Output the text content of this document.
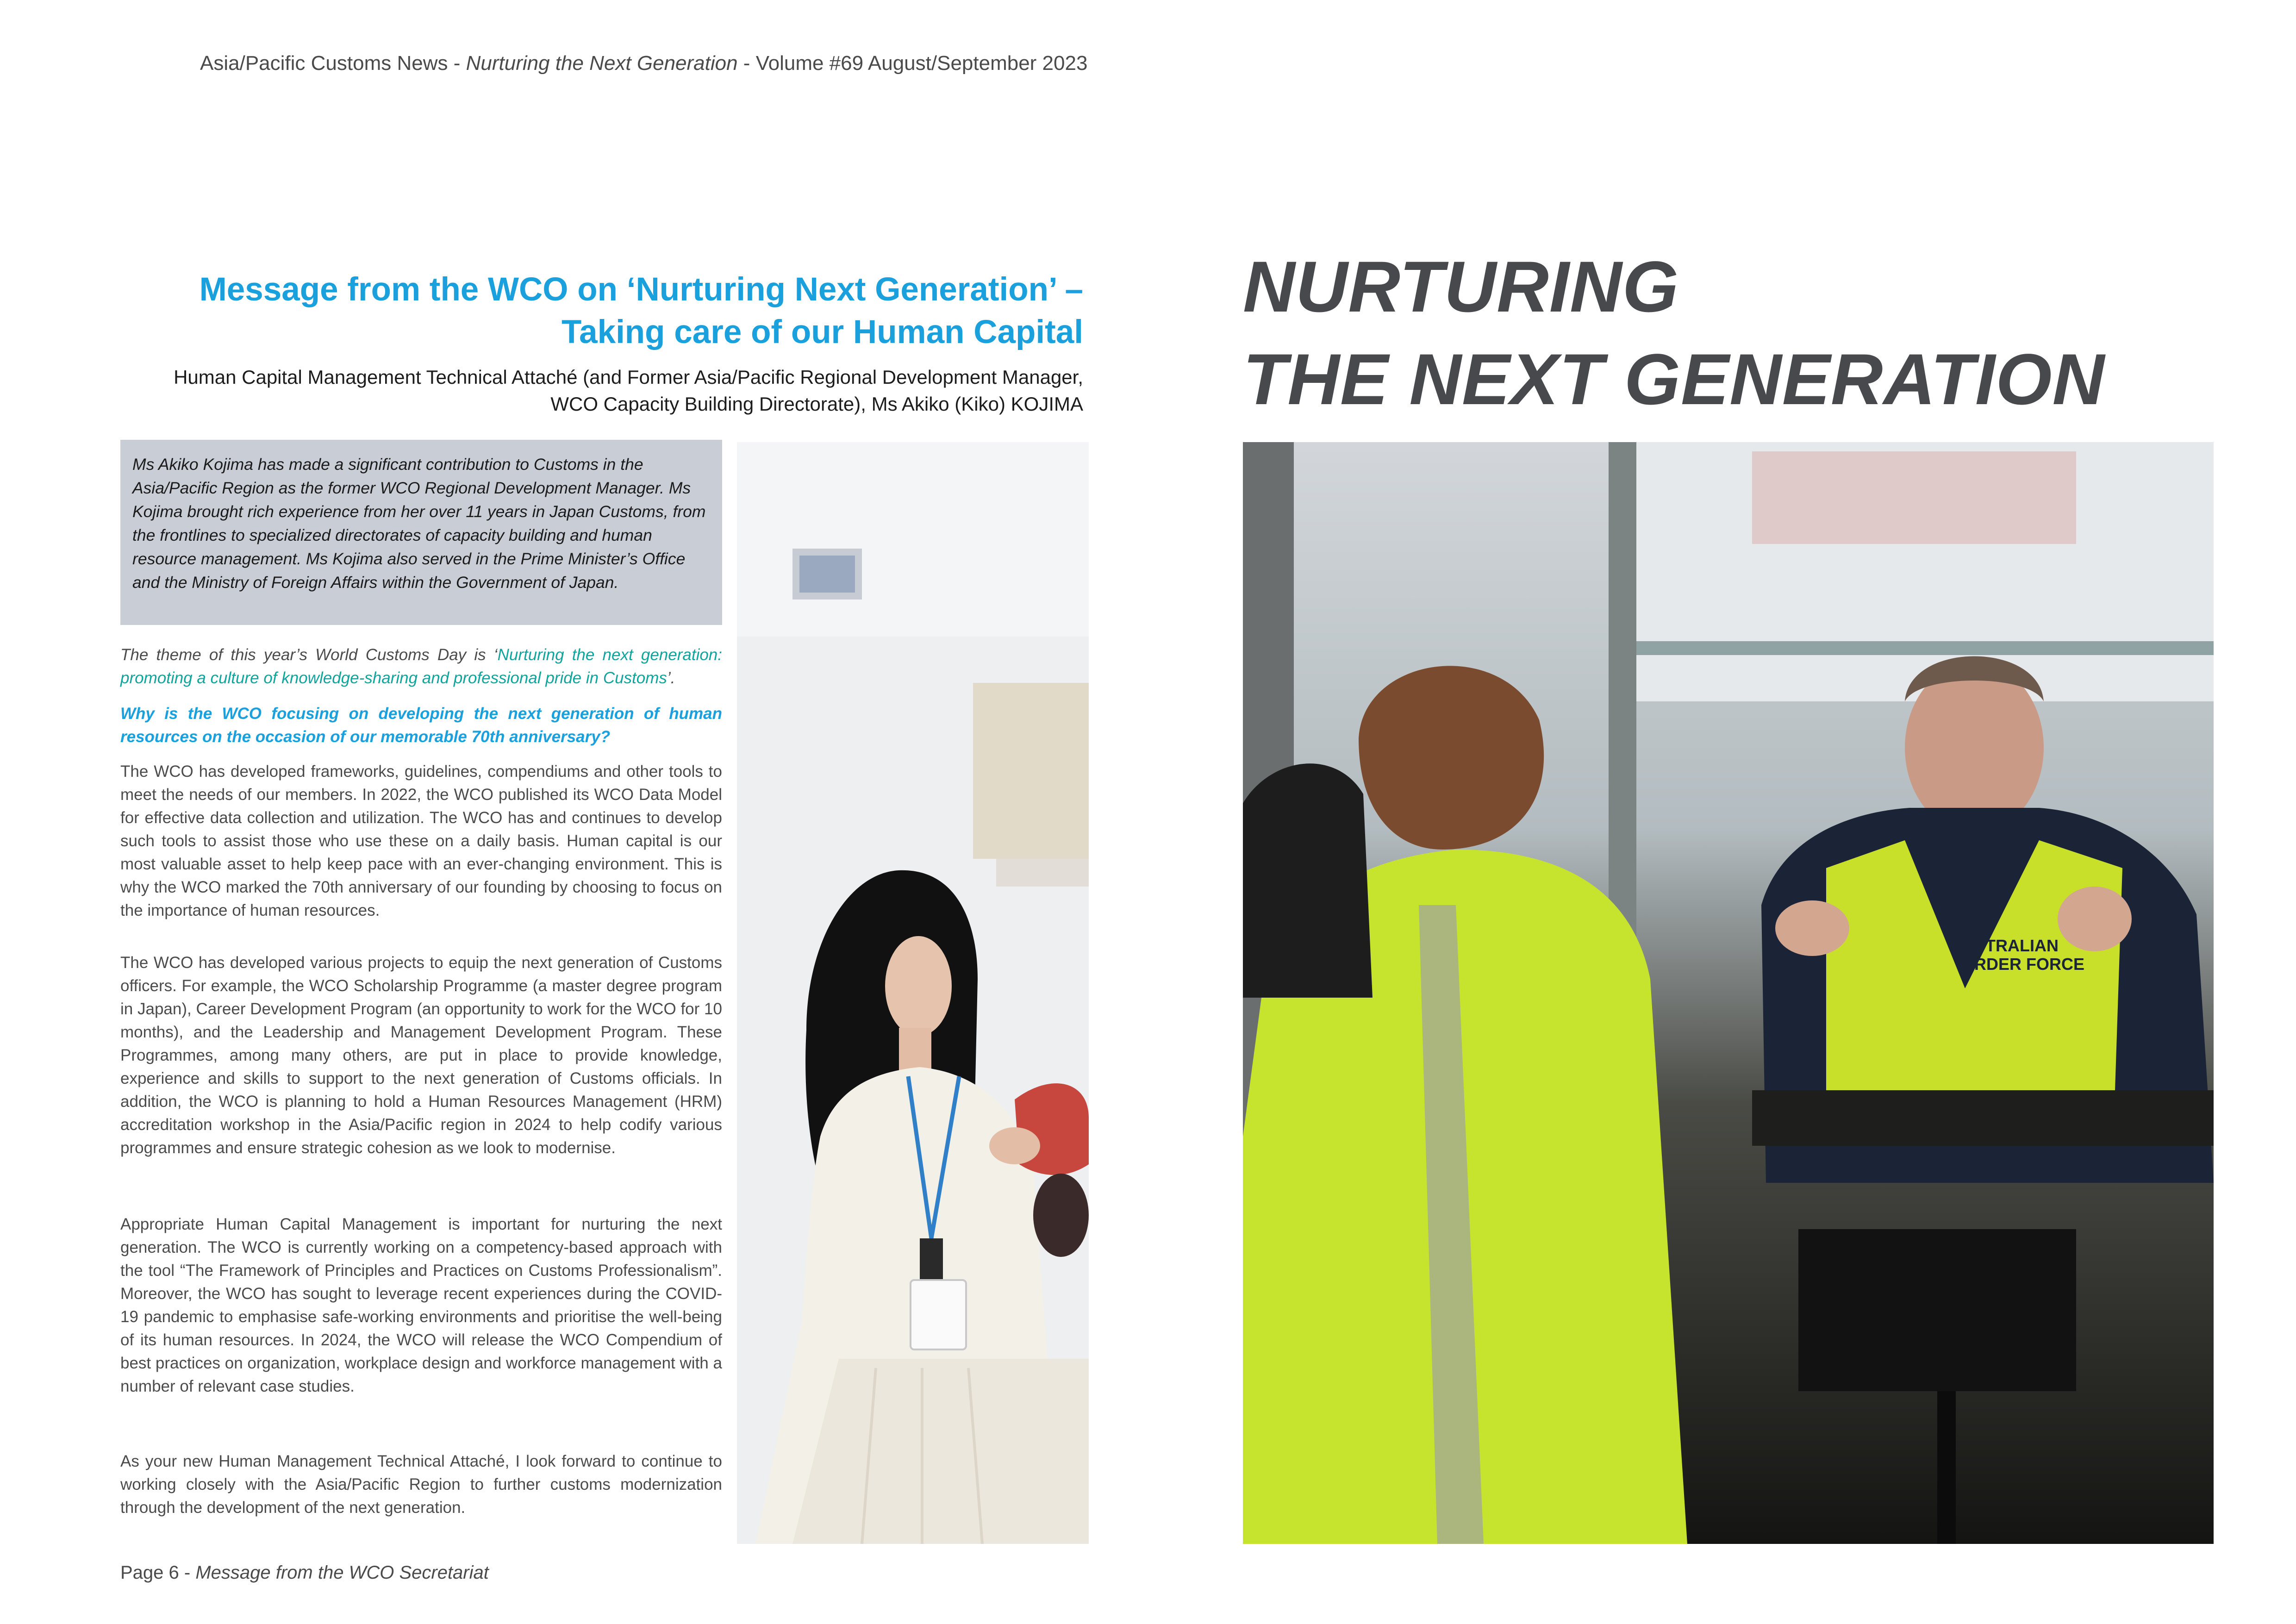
Asia/Pacific Customs News - Nurturing the Next Generation - Volume #69 August/September 2023
Message from the WCO on ‘Nurturing Next Generation’ –
Taking care of our Human Capital
Human Capital Management Technical Attaché (and Former Asia/Pacific Regional Development Manager,
WCO Capacity Building Directorate), Ms Akiko (Kiko) KOJIMA
Ms Akiko Kojima has made a significant contribution to Customs in the Asia/Pacific Region as the former WCO Regional Development Manager. Ms Kojima brought rich experience from her over 11 years in Japan Customs, from the frontlines to specialized directorates of capacity building and human resource management. Ms Kojima also served in the Prime Minister’s Office and the Ministry of Foreign Affairs within the Government of Japan.
The theme of this year’s World Customs Day is ‘Nurturing the next generation: promoting a culture of knowledge-sharing and professional pride in Customs’.
Why is the WCO focusing on developing the next generation of human resources on the occasion of our memorable 70th anniversary?
The WCO has developed frameworks, guidelines, compendiums and other tools to meet the needs of our members. In 2022, the WCO published its WCO Data Model for effective data collection and utilization. The WCO has and continues to develop such tools to assist those who use these on a daily basis. Human capital is our most valuable asset to help keep pace with an ever-changing environment. This is why the WCO marked the 70th anniversary of our founding by choosing to focus on the importance of human resources.
The WCO has developed various projects to equip the next generation of Customs officers. For example, the WCO Scholarship Programme (a master degree program in Japan), Career Development Program (an opportunity to work for the WCO for 10 months), and the Leadership and Management Development Program. These Programmes, among many others, are put in place to provide knowledge, experience and skills to support to the next generation of Customs officials. In addition, the WCO is planning to hold a Human Resources Management (HRM) accreditation workshop in the Asia/Pacific region in 2024 to help codify various programmes and ensure strategic cohesion as we look to modernise.
Appropriate Human Capital Management is important for nurturing the next generation. The WCO is currently working on a competency-based approach with the tool “The Framework of Principles and Practices on Customs Professionalism”. Moreover, the WCO has sought to leverage recent experiences during the COVID-19 pandemic to emphasise safe-working environments and prioritise the well-being of its human resources. In 2024, the WCO will release the WCO Compendium of best practices on organization, workplace design and workforce management with a number of relevant case studies.
As your new Human Management Technical Attaché, I look forward to continue to working closely with the Asia/Pacific Region to further customs modernization through the development of the next generation.
NURTURING
THE NEXT GENERATION
STRALIAN
RDER FORCE
Page 6 - Message from the WCO Secretariat
